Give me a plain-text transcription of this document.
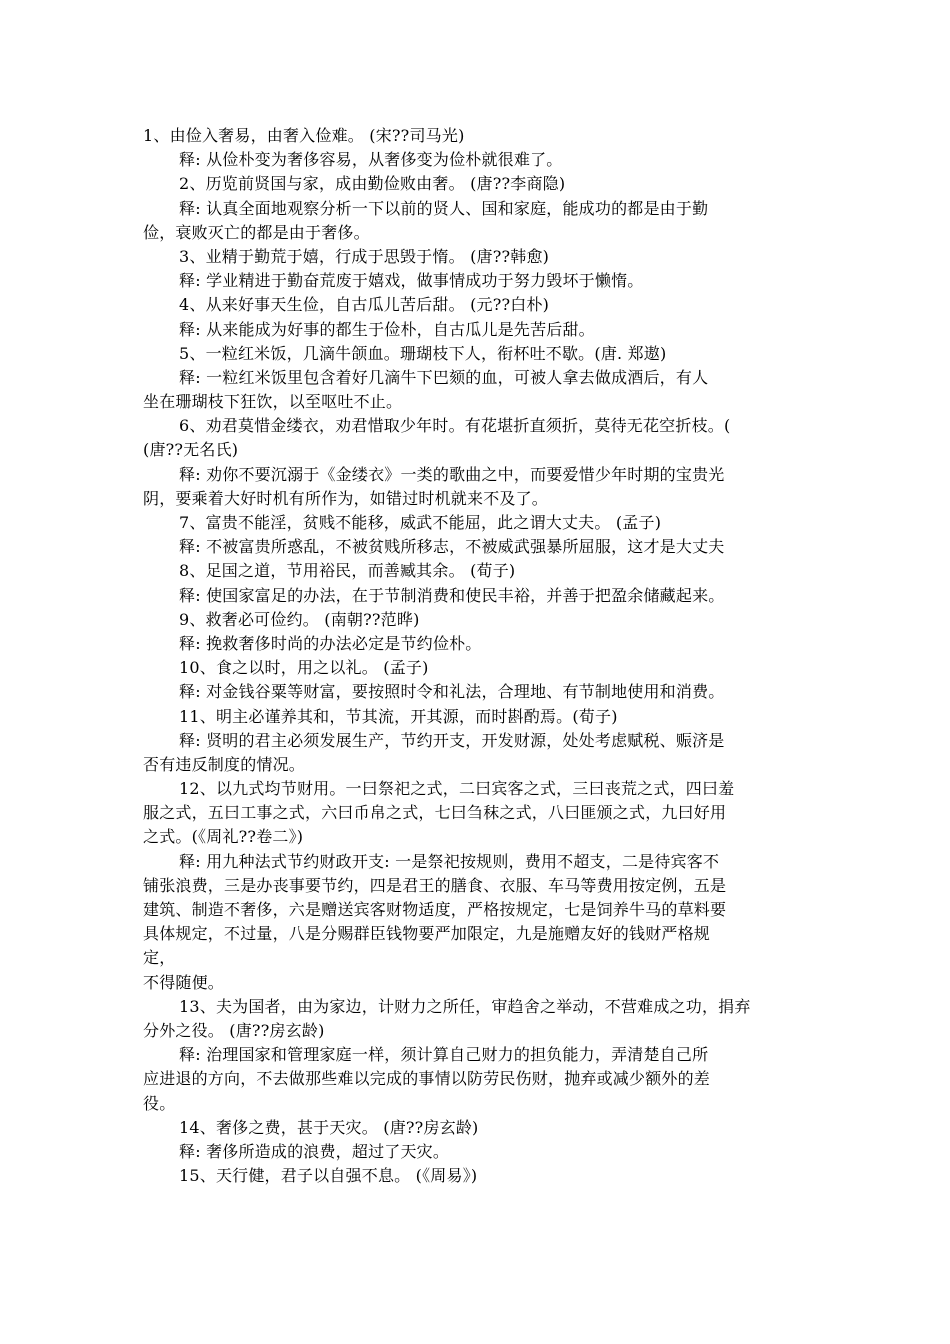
1、由俭入奢易，由奢入俭难。 (宋??司马光)
释: 从俭朴变为奢侈容易，从奢侈变为俭朴就很难了。
2、历览前贤国与家，成由勤俭败由奢。 (唐??李商隐)
释: 认真全面地观察分析一下以前的贤人、国和家庭，能成功的都是由于勤
俭，衰败灭亡的都是由于奢侈。
3、业精于勤荒于嬉，行成于思毁于惰。 (唐??韩愈)
释: 学业精进于勤奋荒废于嬉戏，做事情成功于努力毁坏于懒惰。
4、从来好事天生俭，自古瓜儿苦后甜。 (元??白朴)
释: 从来能成为好事的都生于俭朴，自古瓜儿是先苦后甜。
5、一粒红米饭，几滴牛颌血。珊瑚枝下人，衔杯吐不歇。(唐. 郑遨)
释: 一粒红米饭里包含着好几滴牛下巴颏的血，可被人拿去做成酒后，有人
坐在珊瑚枝下狂饮，以至呕吐不止。
6、劝君莫惜金缕衣，劝君惜取少年时。有花堪折直须折，莫待无花空折枝。(
(唐??无名氏)
释: 劝你不要沉溺于《金缕衣》一类的歌曲之中，而要爱惜少年时期的宝贵光
阴，要乘着大好时机有所作为，如错过时机就来不及了。
7、富贵不能淫，贫贱不能移，威武不能屈，此之谓大丈夫。 (孟子)
释: 不被富贵所惑乱，不被贫贱所移志，不被威武强暴所屈服，这才是大丈夫
8、足国之道，节用裕民，而善臧其余。 (荀子)
释: 使国家富足的办法，在于节制消费和使民丰裕，并善于把盈余储藏起来。
9、救奢必可俭约。 (南朝??范晔)
释: 挽救奢侈时尚的办法必定是节约俭朴。
10、食之以时，用之以礼。 (孟子)
释: 对金钱谷粟等财富，要按照时令和礼法，合理地、有节制地使用和消费。
11、明主必谨养其和，节其流，开其源，而时斟酌焉。(荀子)
释: 贤明的君主必须发展生产，节约开支，开发财源，处处考虑赋税、赈济是
否有违反制度的情况。
12、以九式均节财用。一曰祭祀之式，二曰宾客之式，三曰丧荒之式，四曰羞
服之式，五曰工事之式，六曰币帛之式，七曰刍秣之式，八曰匪颁之式，九曰好用
之式。(《周礼??卷二》)
释: 用九种法式节约财政开支: 一是祭祀按规则，费用不超支，二是待宾客不
铺张浪费，三是办丧事要节约，四是君王的膳食、衣服、车马等费用按定例，五是
建筑、制造不奢侈，六是赠送宾客财物适度，严格按规定，七是饲养牛马的草料要
具体规定，不过量，八是分赐群臣钱物要严加限定，九是施赠友好的钱财严格规
定，
不得随便。
13、夫为国者，由为家边，计财力之所任，审趋舍之举动，不营难成之功，捐弃
分外之役。 (唐??房玄龄)
释: 治理国家和管理家庭一样，须计算自己财力的担负能力，弄清楚自己所
应进退的方向，不去做那些难以完成的事情以防劳民伤财，抛弃或减少额外的差
役。
14、奢侈之费，甚于天灾。 (唐??房玄龄)
释: 奢侈所造成的浪费，超过了天灾。
15、天行健，君子以自强不息。 (《周易》)
